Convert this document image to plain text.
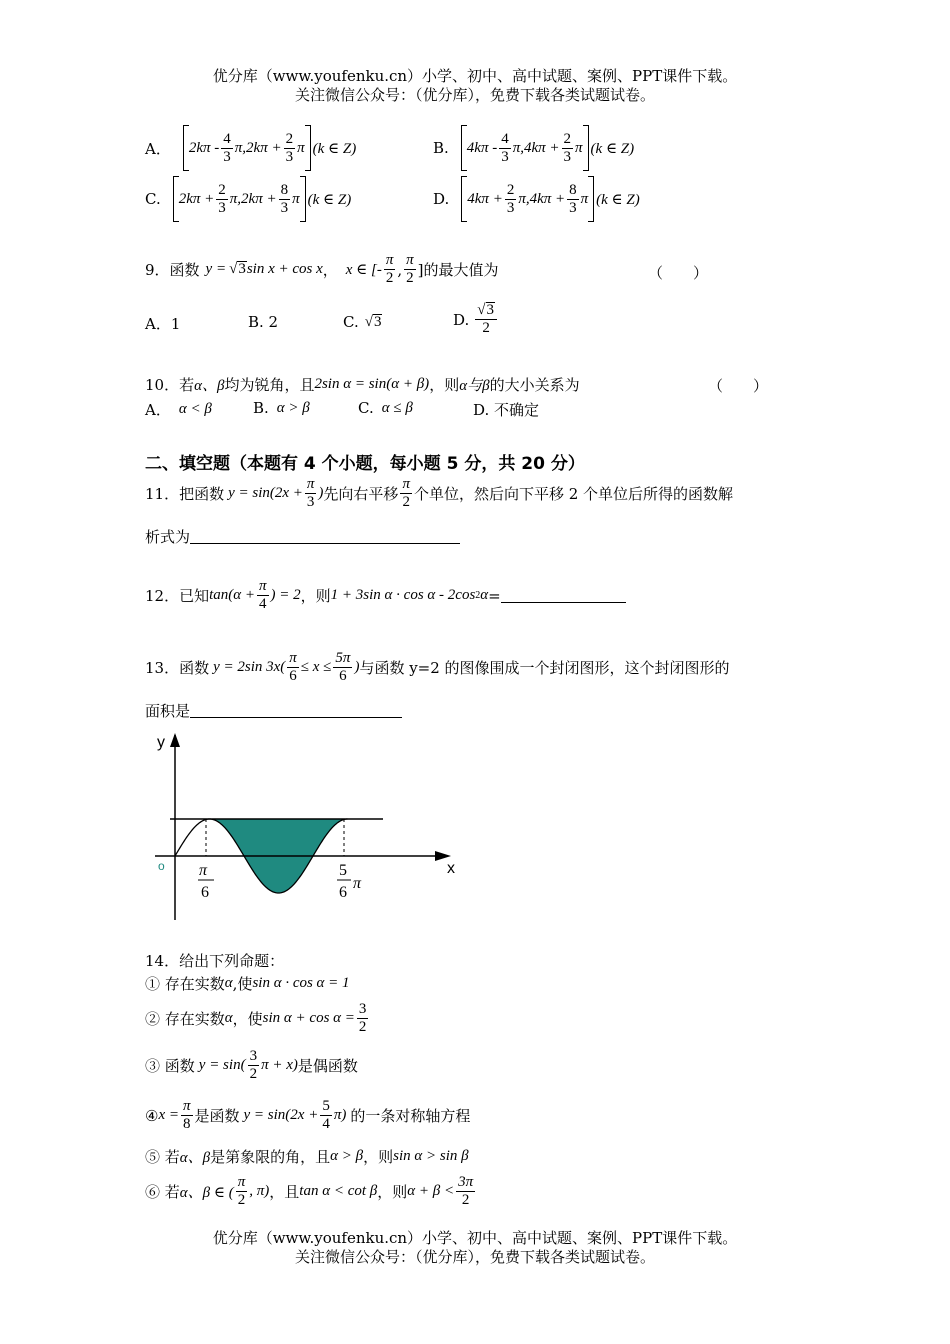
优分库（www.youfenku.cn）小学、初中、高中试题、案例、PPT课件下载。
关注微信公众号：（优分库），免费下载各类试题试卷。
A． $2k\pi - \frac{4}{3} \pi,2k\pi + \frac{2}{3}$ π (k ∈ Z)	B. $4k\pi - \frac{4}{3} \pi,4k\pi + \frac{2}{3}$ π (k ∈ Z)
C. $2k\pi + \frac{2}{3} \pi,2k\pi + \frac{8}{3}$ π (k ∈ Z)	D. $4k\pi + \frac{2}{3} \pi,4k\pi + \frac{8}{3}$ π (k ∈ Z)
9．函数 y = √3 sin x + cos x ， x ∈ [- $\frac{\pi}{2}$ , $\frac{\pi}{2}$ ] 的最大值为	（　　）
A．1	B. 2	C. √3	D. $\frac{√3}{2}$
10．若 α、β 均为锐角，且 2sin α = sin(α + β) ，则 α与β 的大小关系为	（　　）
A． α < β	B. α > β	C. α ≤ β	D. 不确定
二、填空题（本题有 4 个小题，每小题 5 分，共 20 分）
11．把函数 $y = \sin(2x + \frac{\pi}{3}$ ) 先向右平移 $\frac{\pi}{2}$ 个单位，然后向下平移 2 个单位后所得的函数解
析式为
12．已知 $\tan(\alpha + \frac{\pi}{4}$ ) = 2 ，则 1 + 3sin α · cos α - 2cos 2 α =
13．函数 y = 2sin $3x( \frac{\pi}{6} \le x \le \frac{5\pi}{6}$ ) 与函数 y=2 的图像围成一个封闭图形，这个封闭图形的
面积是
y
x
o π
6
5
6
π
14．给出下列命题：
① 存在实数 α ,使 sin α · cos α = 1
② 存在实数 α ，使 $\sin \alpha + \cos \alpha = \frac{3}{2}$
③ 函数 $y = \sin( \frac{3}{2}$ π + x) 是偶函数
④ $x = \frac{\pi}{8}$ 是函数 $y = \sin(2x + \frac{5}{4} \pi)$ 的一条对称轴方程
⑤ 若 α、β 是第象限的角，且 α > β ，则 sin α > sin β
⑥ 若 α、β ∈ ( $\frac{\pi}{2}$ , π) ，且 tan α < cot β ，则 $\alpha + \beta < \frac{3\pi}{2}$
优分库（www.youfenku.cn）小学、初中、高中试题、案例、PPT课件下载。
关注微信公众号：（优分库），免费下载各类试题试卷。
